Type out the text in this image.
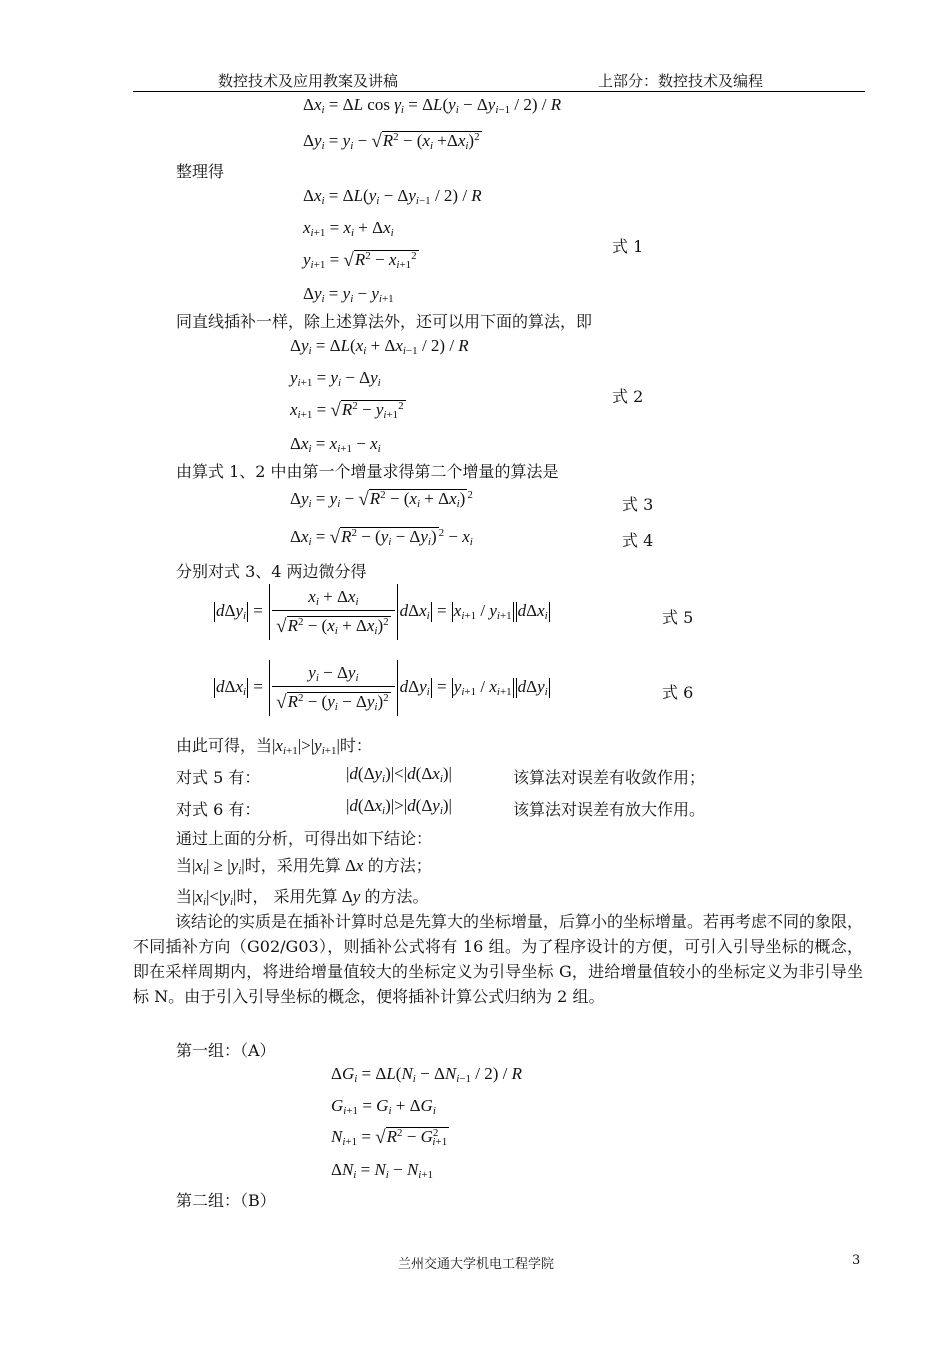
数控技术及应用教案及讲稿	上部分：数控技术及编程
$\Delta x_i = \Delta L$ $\cos \gamma_i = \Delta L(y_i - \Delta y_{i-1} / 2) / R$
$\Delta y_i = y_i - √R^2 - (x_i +\Delta x_i)^2$
整理得
$\Delta x_i = \Delta L(y_i - \Delta y_{i-1} / 2) / R$
$x_{i+1} = x_i + \Delta x_i$
$y_{i+1} = √R^2 - x_{i+1}^2$
$\Delta y_i = y_i - y_{i+1}$
式 1
同直线插补一样，除上述算法外，还可以用下面的算法，即
$\Delta y_i = \Delta L(x_i + \Delta x_{i-1} / 2) / R$
$y_{i+1} = y_i - \Delta y_i$
$x_{i+1} = √R^2 - y_{i+1}^2$
$\Delta x_i = x_{i+1} - x_i$
式 2
由算式 1、2 中由第一个增量求得第二个增量的算法是
$\Delta y_i = y_i - √R^2 - (x_i + \Delta x_i)$ $^2$	式 3
$\Delta x_i = √R^2 - (y_i - \Delta y_i) ^2 - x_i$	式 4
分别对式 3、4 两边微分得
$d\Delta y_i = \frac{x_i + \Delta x_i}{√R^2 - (x_i + \Delta x_i)^2} d\Delta x_i = x_{i+1} / y_{i+1}$ dΔx$_i$	式 5
$d\Delta x_i = \frac{y_i - \Delta y_i}{√R^2 - (y_i - \Delta y_i)^2} d\Delta y_i = y_{i+1} / x_{i+1}$ dΔy$_i$	式 6
由此可得，当$|x_{i+1}|>|y_{i+1}|$时：
对式 5 有：	$|d(\Delta y_i)|<|d(\Delta x_i)|$	该算法对误差有收敛作用；
对式 6 有：	$|d(\Delta x_i)|>|d(\Delta y_i)|$	该算法对误差有放大作用。
通过上面的分析，可得出如下结论：
当$|x_i| \ge |y_i|$时，采用先算 Δx 的方法；
当$|x_i|<|y_i|$时， 采用先算 Δy 的方法。
该结论的实质是在插补计算时总是先算大的坐标增量，后算小的坐标增量。若再考虑不同的象限，不同插补方向（G02/G03），则插补公式将有 16 组。为了程序设计的方便，可引入引导坐标的概念，即在采样周期内，将进给增量值较大的坐标定义为引导坐标 G，进给增量值较小的坐标定义为非引导坐标 N。由于引入引导坐标的概念，便将插补计算公式归纳为 2 组。
第一组：（A）
$\Delta G_i = \Delta L(N_i - \Delta N_{i-1} / 2) / R$
$G_{i+1} = G_i + \Delta G_i$
$N_{i+1} = √R^2 - G^2_{i+1}$
$\Delta N_i = N_i - N_{i+1}$
第二组：（B）
兰州交通大学机电工程学院	3
